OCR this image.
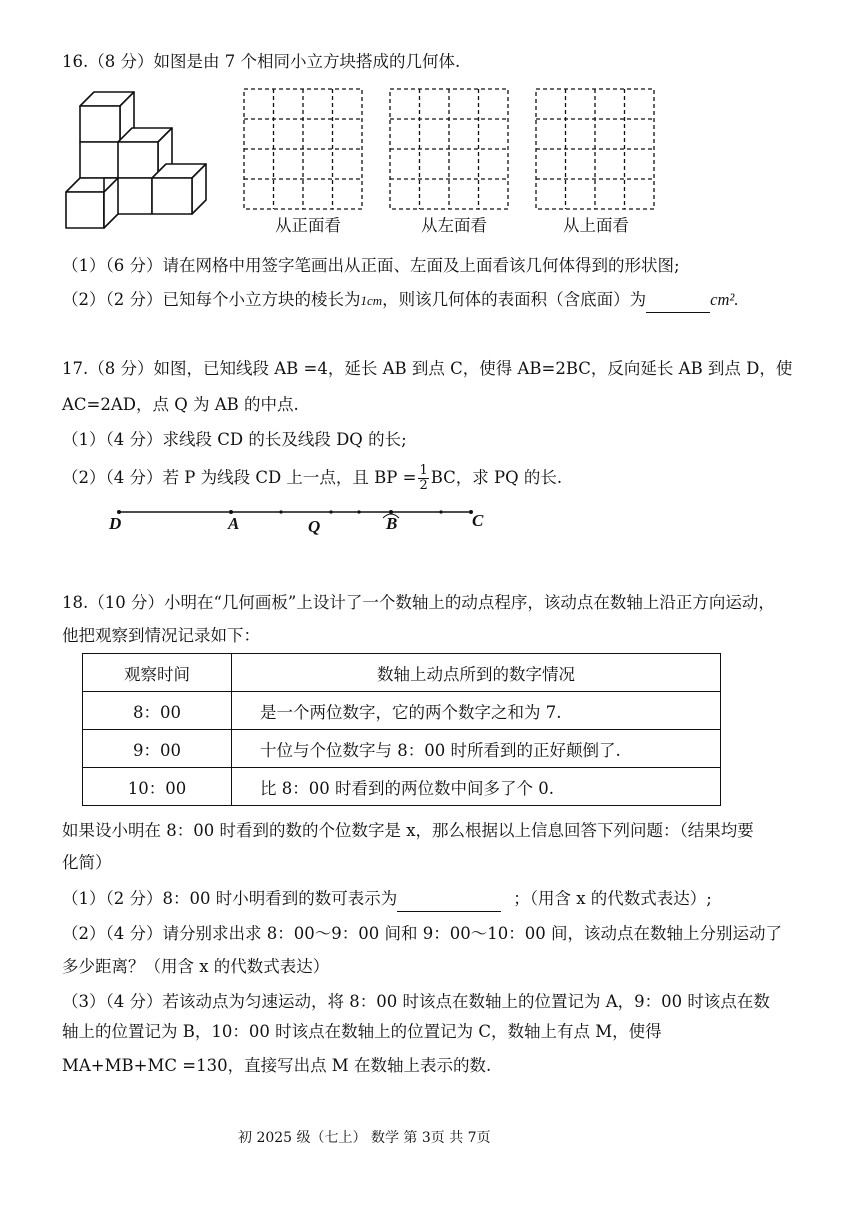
16.（8 分）如图是由 7 个相同小立方块搭成的几何体.
从正面看	从左面看	从上面看
（1）（6 分）请在网格中用签字笔画出从正面、左面及上面看该几何体得到的形状图;
（2）（2 分）已知每个小立方块的棱长为1cm，则该几何体的表面积（含底面）为	cm².
17.（8 分）如图，已知线段 AB =4，延长 AB 到点 C，使得 AB=2BC，反向延长 AB 到点 D，使
AC=2AD，点 Q 为 AB 的中点.
（1）（4 分）求线段 CD 的长及线段 DQ 的长;
（2）（4 分）若 P 为线段 CD 上一点，且 BP = $\frac{1}{2}$ BC，求 PQ 的长.
D	A	Q	B	C
18.（10 分）小明在“几何画板”上设计了一个数轴上的动点程序，该动点在数轴上沿正方向运动，
他把观察到情况记录如下：
观察时间	数轴上动点所到的数字情况
8：00	是一个两位数字，它的两个数字之和为 7.
9：00	十位与个位数字与 8：00 时所看到的正好颠倒了.
10：00	比 8：00 时看到的两位数中间多了个 0.
如果设小明在 8：00 时看到的数的个位数字是 x，那么根据以上信息回答下列问题：（结果均要
化简）
（1）（2 分）8：00 时小明看到的数可表示为	；（用含 x 的代数式表达）;
（2）（4 分）请分别求出求 8：00～9：00 间和 9：00～10：00 间，该动点在数轴上分别运动了
多少距离？（用含 x 的代数式表达）
（3）（4 分）若该动点为匀速运动，将 8：00 时该点在数轴上的位置记为 A，9：00 时该点在数
轴上的位置记为 B，10：00 时该点在数轴上的位置记为 C，数轴上有点 M，使得
MA+MB+MC =130，直接写出点 M 在数轴上表示的数.
初 2025 级（七上） 数学 第 3页 共 7页
